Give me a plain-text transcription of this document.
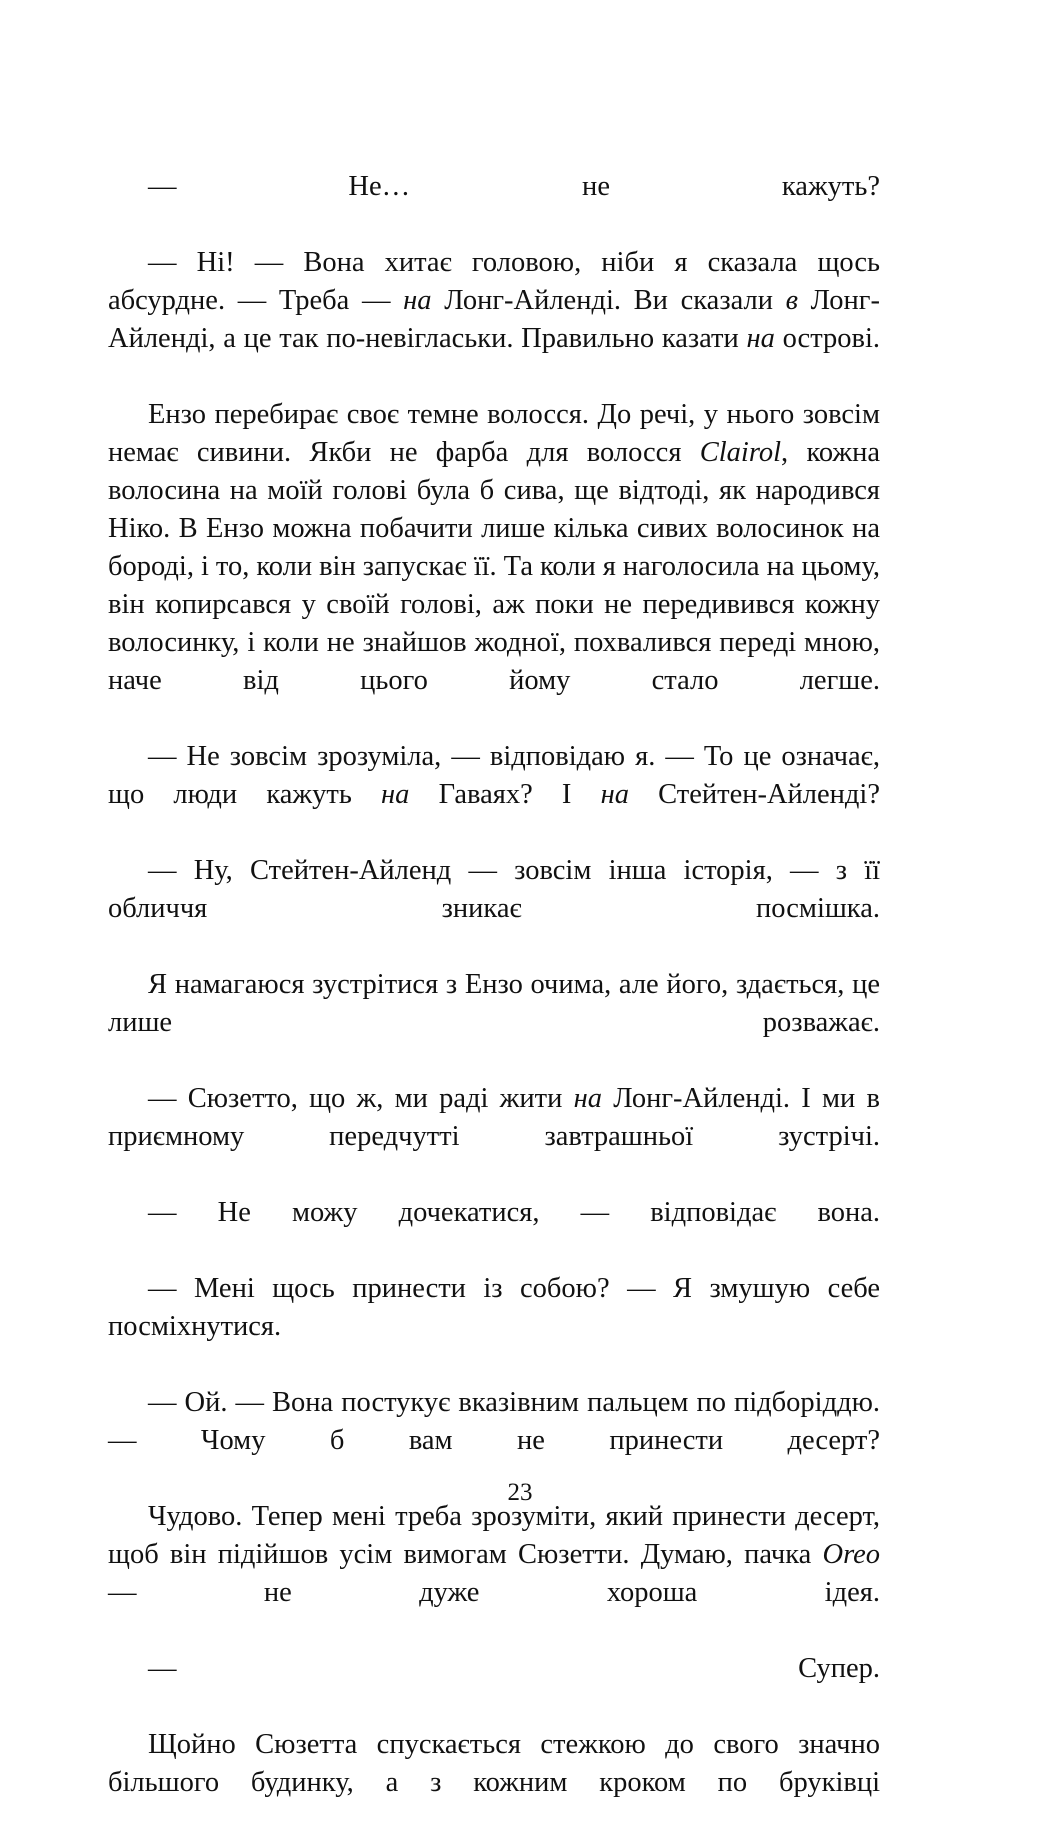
— Не… не кажуть?

— Ні! — Вона хитає головою, ніби я сказала щось абсурдне. — Треба — на Лонг-Айленді. Ви сказали в Лонг-Айленді, а це так по-невігласьки. Правильно казати на острові.

Ензо перебирає своє темне волосся. До речі, у нього зовсім немає сивини. Якби не фарба для волосся Clairol, кожна волосина на моїй голові була б сива, ще відтоді, як народився Ніко. В Ензо можна побачити лише кілька сивих волосинок на бороді, і то, коли він запускає її. Та коли я наголосила на цьому, він копирсався у своїй голові, аж поки не передивився кожну волосинку, і коли не знайшов жодної, похвалився переді мною, наче від цього йому стало легше.

— Не зовсім зрозуміла, — відповідаю я. — То це означає, що люди кажуть на Гаваях? І на Стейтен-Айленді?

— Ну, Стейтен-Айленд — зовсім інша історія, — з її обличчя зникає посмішка.

Я намагаюся зустрітися з Ензо очима, але його, здається, це лише розважає.

— Сюзетто, що ж, ми раді жити на Лонг-Айленді. І ми в приємному передчутті завтрашньої зустрічі.

— Не можу дочекатися, — відповідає вона.

— Мені щось принести із собою? — Я змушую себе посміхнутися.

— Ой. — Вона постукує вказівним пальцем по підборіддю. — Чому б вам не принести десерт?

Чудово. Тепер мені треба зрозуміти, який принести десерт, щоб він підійшов усім вимогам Сюзетти. Думаю, пачка Oreo — не дуже хороша ідея.

— Супер.

Щойно Сюзетта спускається стежкою до свого значно більшого будинку, а з кожним кроком по бруківці

23
